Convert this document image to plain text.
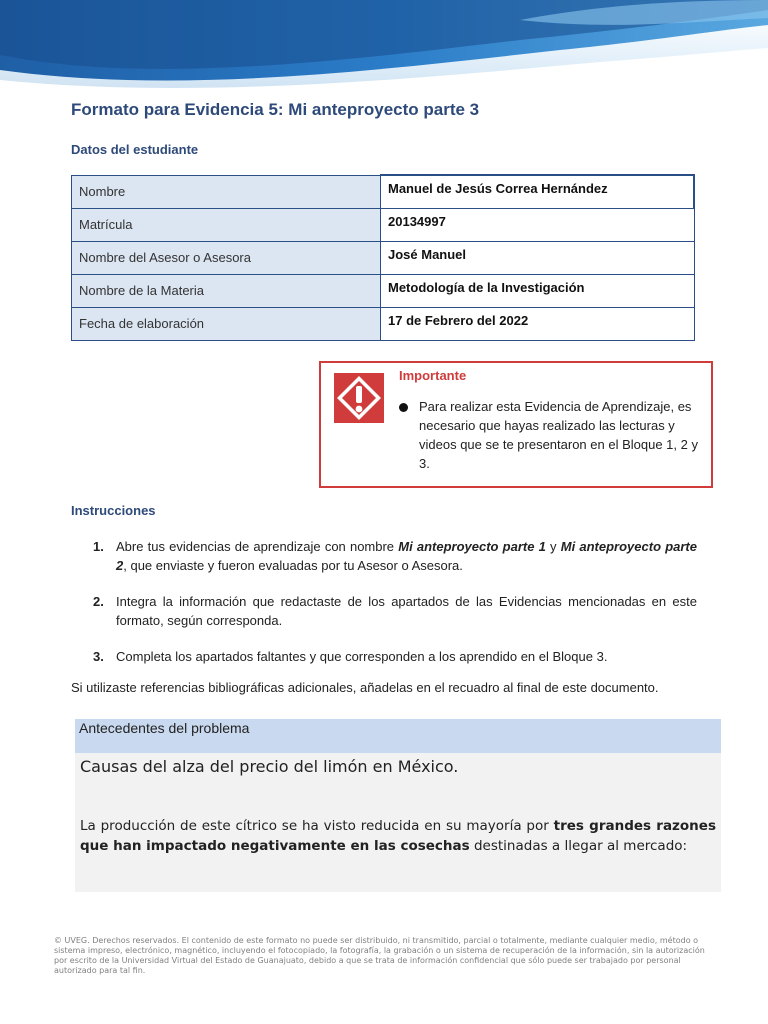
Formato para Evidencia 5: Mi anteproyecto parte 3
Datos del estudiante
Nombre	Manuel de Jesús Correa Hernández
Matrícula	20134997
Nombre del Asesor o Asesora	José Manuel
Nombre de la Materia	Metodología de la Investigación
Fecha de elaboración	17 de Febrero del 2022
Importante
Para realizar esta Evidencia de Aprendizaje, es necesario que hayas realizado las lecturas y videos que se te presentaron en el Bloque 1, 2 y 3.
Instrucciones
1. Abre tus evidencias de aprendizaje con nombre Mi anteproyecto parte 1 y Mi anteproyecto parte 2, que enviaste y fueron evaluadas por tu Asesor o Asesora.
2. Integra la información que redactaste de los apartados de las Evidencias mencionadas en este formato, según corresponda.
3. Completa los apartados faltantes y que corresponden a los aprendido en el Bloque 3.

Si utilizaste referencias bibliográficas adicionales, añadelas en el recuadro al final de este documento.

Antecedentes del problema
Causas del alza del precio del limón en México.
La producción de este cítrico se ha visto reducida en su mayoría por tres grandes razones que han impactado negativamente en las cosechas destinadas a llegar al mercado:

© UVEG. Derechos reservados. El contenido de este formato no puede ser distribuido, ni transmitido, parcial o totalmente, mediante cualquier medio, método o sistema impreso, electrónico, magnético, incluyendo el fotocopiado, la fotografía, la grabación o un sistema de recuperación de la información, sin la autorización por escrito de la Universidad Virtual del Estado de Guanajuato, debido a que se trata de información confidencial que sólo puede ser trabajado por personal autorizado para tal fin.
